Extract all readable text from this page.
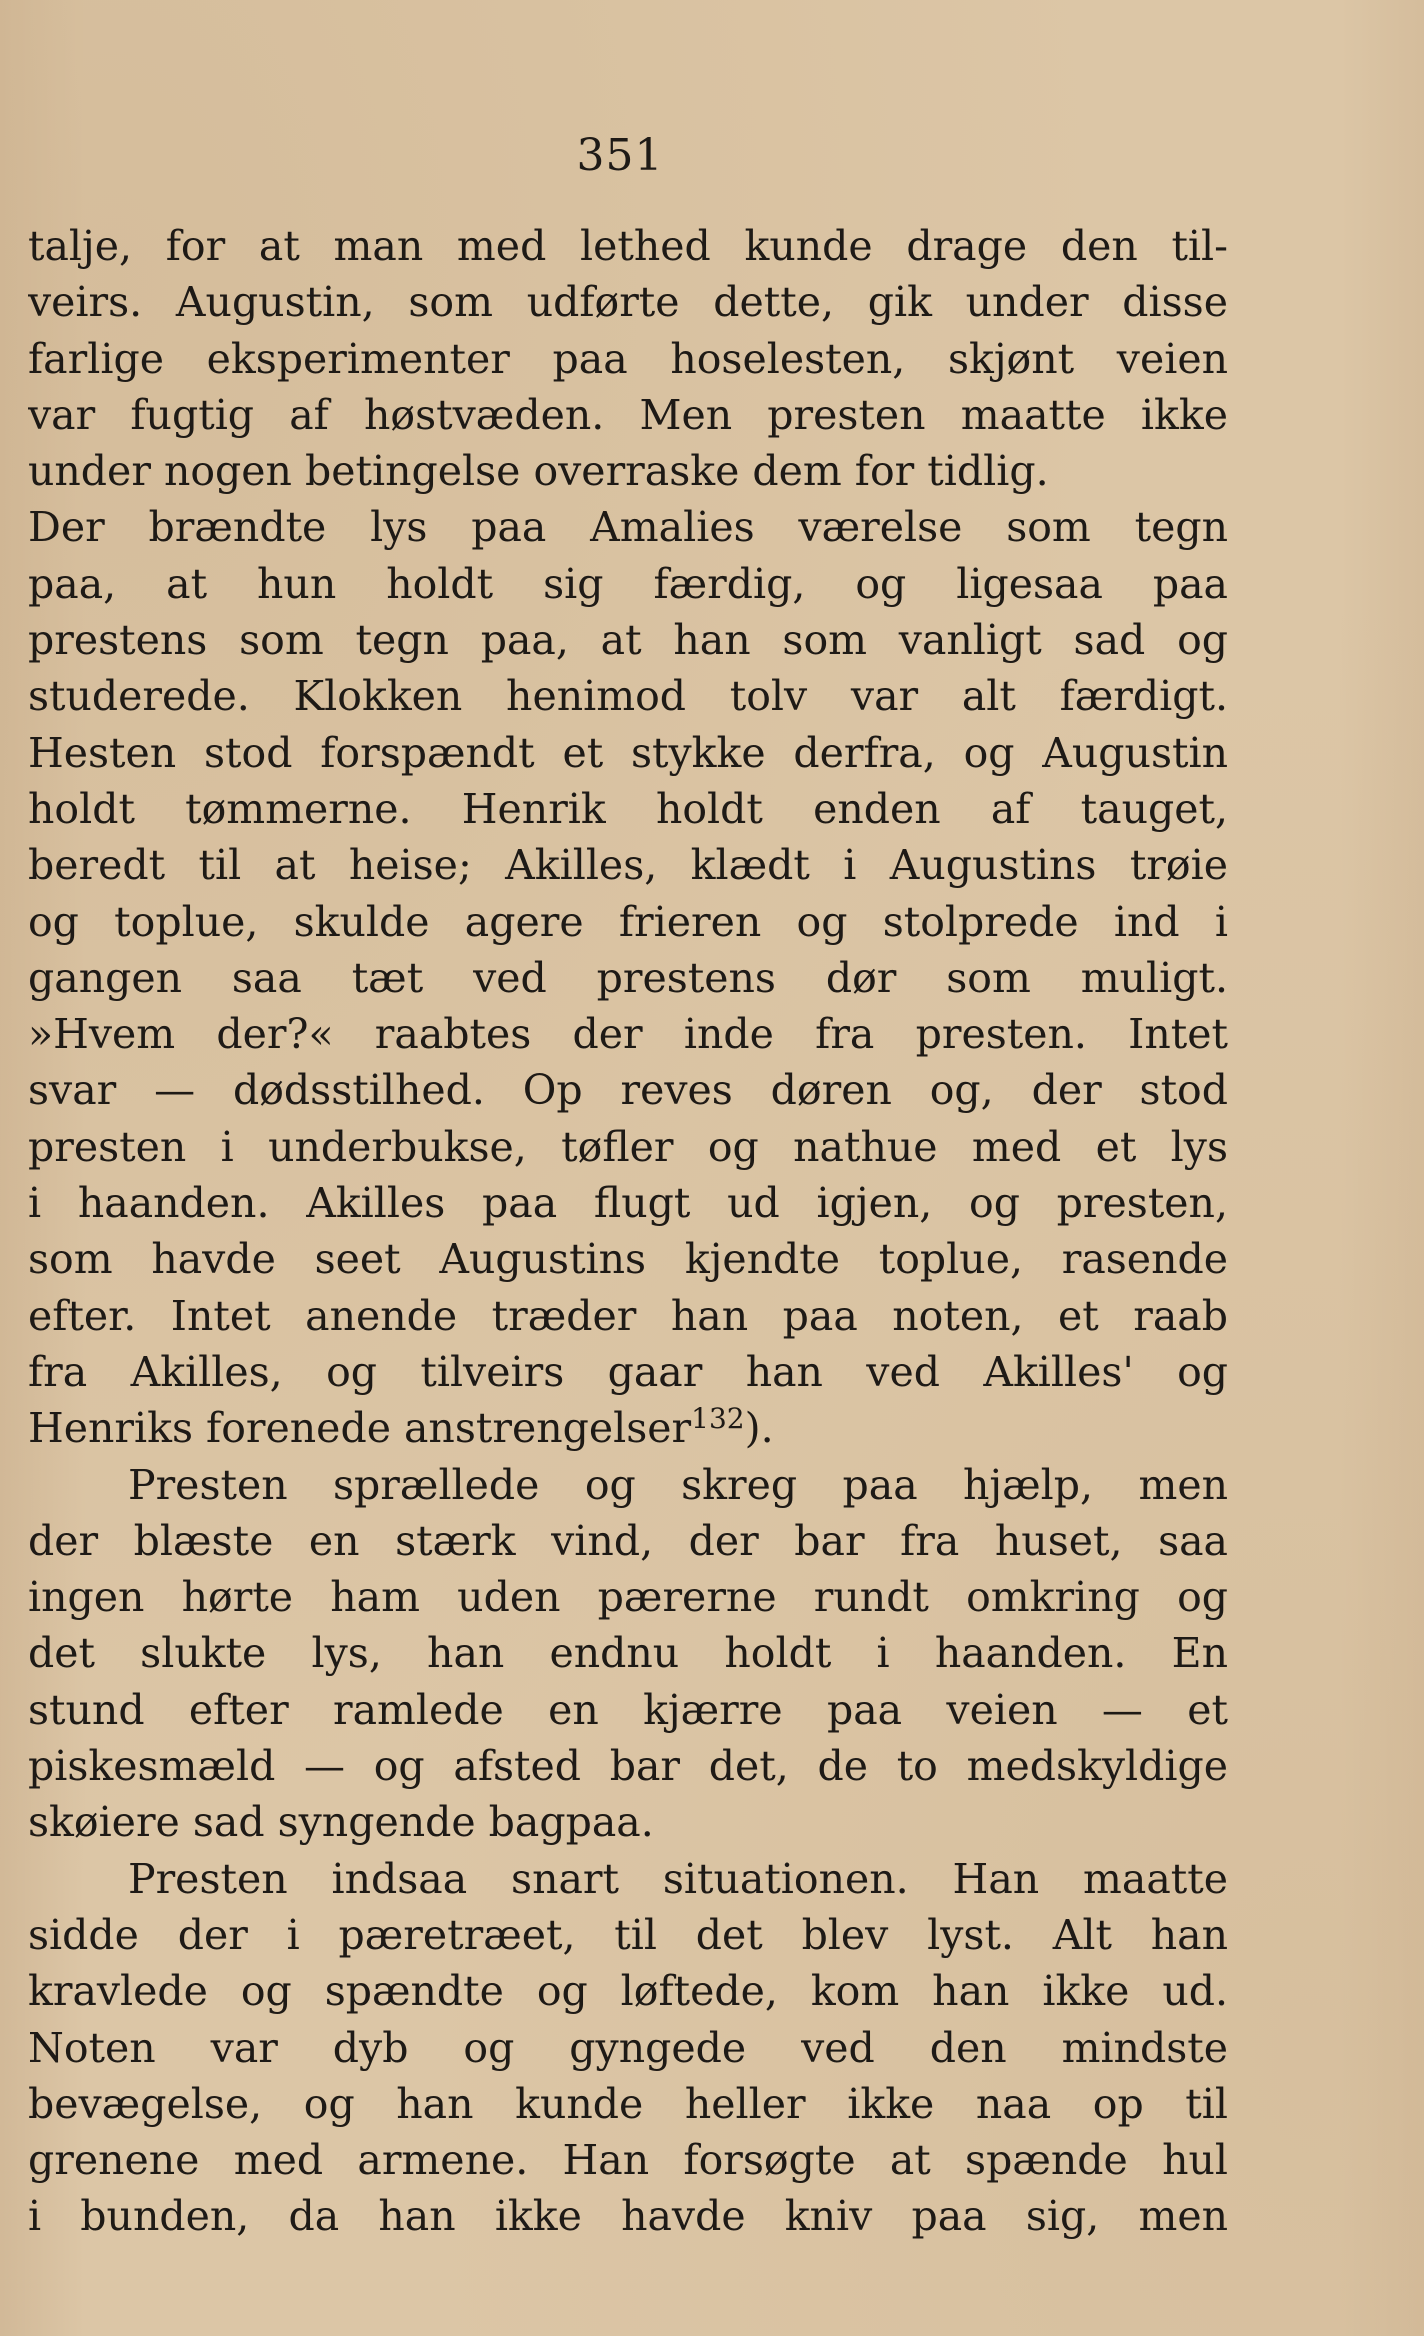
351
talje, for at man med lethed kunde drage den til-
veirs. Augustin, som udførte dette, gik under disse
farlige eksperimenter paa hoselesten, skjønt veien
var fugtig af høstvæden. Men presten maatte ikke
under nogen betingelse overraske dem for tidlig.
Der brændte lys paa Amalies værelse som tegn
paa, at hun holdt sig færdig, og ligesaa paa
prestens som tegn paa, at han som vanligt sad og
studerede. Klokken henimod tolv var alt færdigt.
Hesten stod forspændt et stykke derfra, og Augustin
holdt tømmerne. Henrik holdt enden af tauget,
beredt til at heise; Akilles, klædt i Augustins trøie
og toplue, skulde agere frieren og stolprede ind i
gangen saa tæt ved prestens dør som muligt.
»Hvem der?« raabtes der inde fra presten. Intet
svar — dødsstilhed. Op reves døren og, der stod
presten i underbukse, tøfler og nathue med et lys
i haanden. Akilles paa flugt ud igjen, og presten,
som havde seet Augustins kjendte toplue, rasende
efter. Intet anende træder han paa noten, et raab
fra Akilles, og tilveirs gaar han ved Akilles' og
Henriks forenede anstrengelser$^{132}$).
Presten sprællede og skreg paa hjælp, men
der blæste en stærk vind, der bar fra huset, saa
ingen hørte ham uden pærerne rundt omkring og
det slukte lys, han endnu holdt i haanden. En
stund efter ramlede en kjærre paa veien — et
piskesmæld — og afsted bar det, de to medskyldige
skøiere sad syngende bagpaa.
Presten indsaa snart situationen. Han maatte
sidde der i pæretræet, til det blev lyst. Alt han
kravlede og spændte og løftede, kom han ikke ud.
Noten var dyb og gyngede ved den mindste
bevægelse, og han kunde heller ikke naa op til
grenene med armene. Han forsøgte at spænde hul
i bunden, da han ikke havde kniv paa sig, men
